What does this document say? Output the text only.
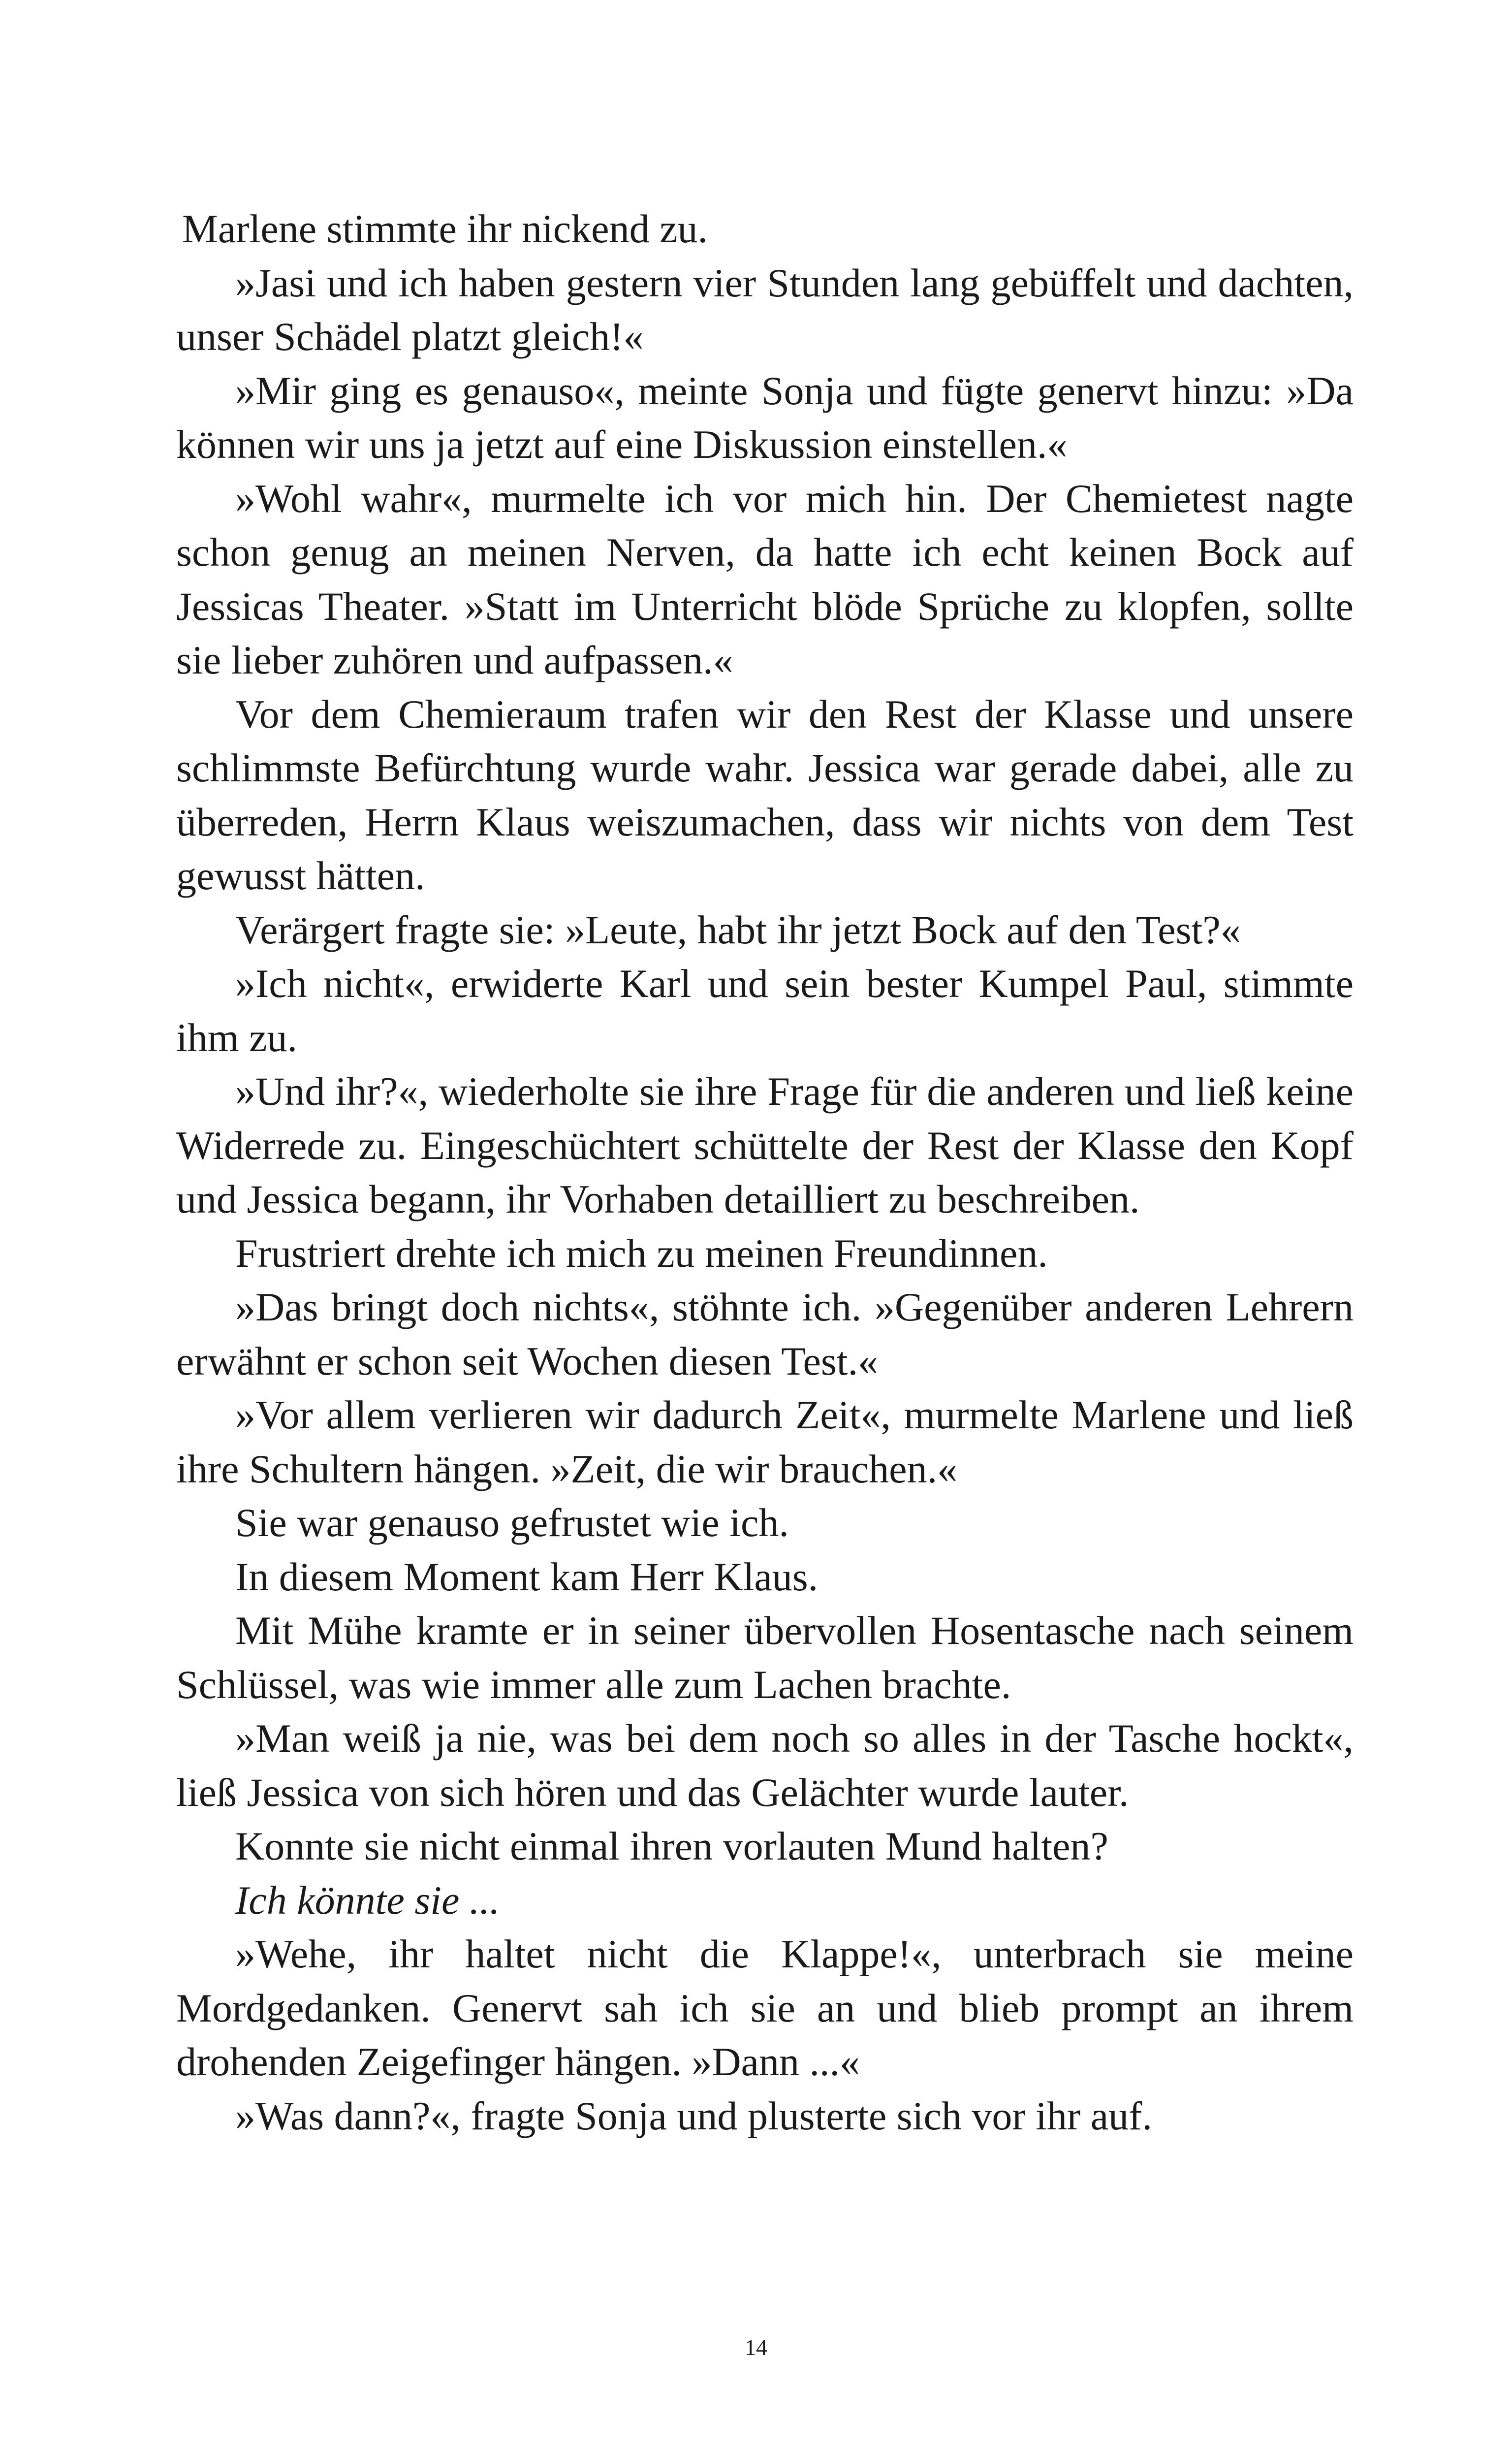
Marlene stimmte ihr nickend zu.

»Jasi und ich haben gestern vier Stunden lang gebüffelt und dachten, unser Schädel platzt gleich!«

»Mir ging es genauso«, meinte Sonja und fügte genervt hinzu: »Da können wir uns ja jetzt auf eine Diskussion einstellen.«

»Wohl wahr«, murmelte ich vor mich hin. Der Chemietest nagte schon genug an meinen Nerven, da hatte ich echt keinen Bock auf Jessicas Theater. »Statt im Unterricht blöde Sprüche zu klopfen, sollte sie lieber zuhören und aufpassen.«

Vor dem Chemieraum trafen wir den Rest der Klasse und unsere schlimmste Befürchtung wurde wahr. Jessica war gerade dabei, alle zu überreden, Herrn Klaus weiszumachen, dass wir nichts von dem Test gewusst hätten.

Verärgert fragte sie: »Leute, habt ihr jetzt Bock auf den Test?«

»Ich nicht«, erwiderte Karl und sein bester Kumpel Paul, stimmte ihm zu.

»Und ihr?«, wiederholte sie ihre Frage für die anderen und ließ keine Widerrede zu. Eingeschüchtert schüttelte der Rest der Klasse den Kopf und Jessica begann, ihr Vorhaben detailliert zu beschreiben.

Frustriert drehte ich mich zu meinen Freundinnen.

»Das bringt doch nichts«, stöhnte ich. »Gegenüber anderen Lehrern erwähnt er schon seit Wochen diesen Test.«

»Vor allem verlieren wir dadurch Zeit«, murmelte Marlene und ließ ihre Schultern hängen. »Zeit, die wir brauchen.«

Sie war genauso gefrustet wie ich.

In diesem Moment kam Herr Klaus.

Mit Mühe kramte er in seiner übervollen Hosentasche nach seinem Schlüssel, was wie immer alle zum Lachen brachte.

»Man weiß ja nie, was bei dem noch so alles in der Tasche hockt«, ließ Jessica von sich hören und das Gelächter wurde lauter.

Konnte sie nicht einmal ihren vorlauten Mund halten?

Ich könnte sie ...

»Wehe, ihr haltet nicht die Klappe!«, unterbrach sie meine Mordgedanken. Genervt sah ich sie an und blieb prompt an ihrem drohenden Zeigefinger hängen. »Dann ...«

»Was dann?«, fragte Sonja und plusterte sich vor ihr auf.

14
